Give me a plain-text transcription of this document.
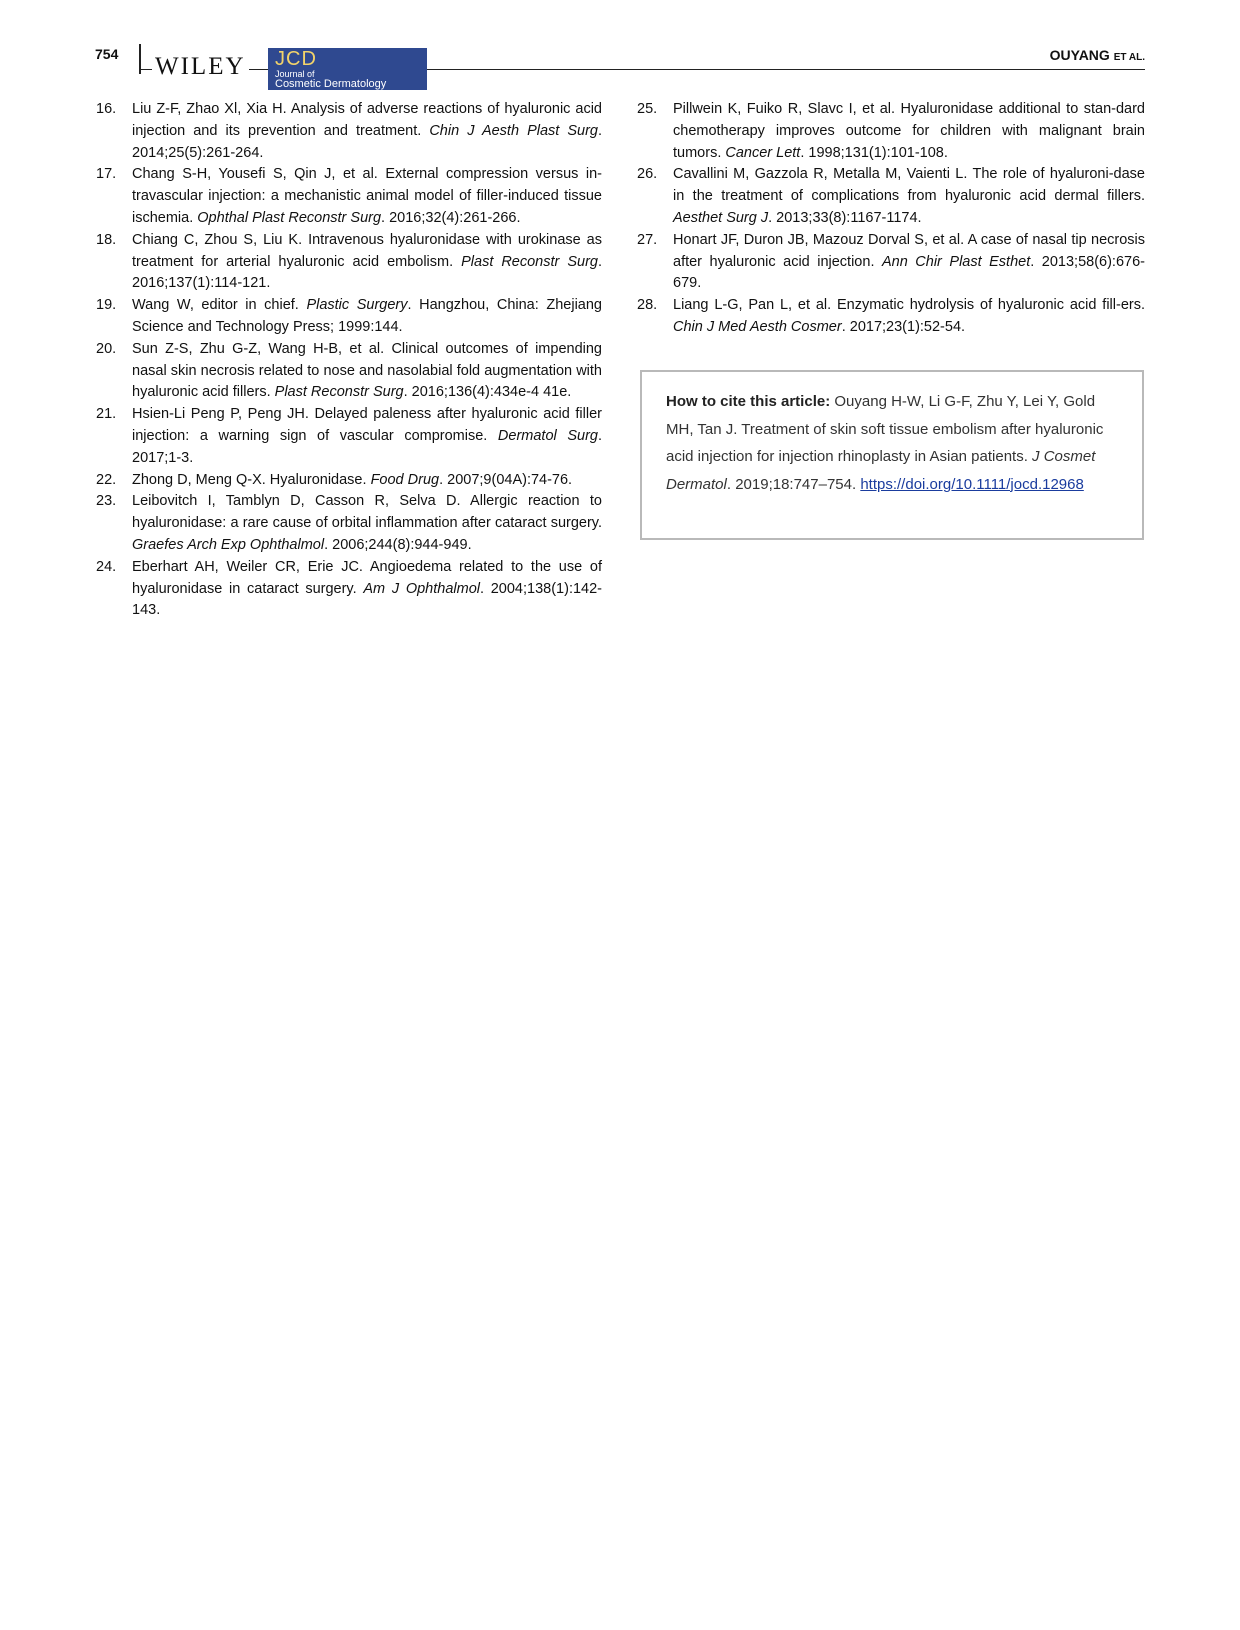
754 WILEY JCD
Journal of
Cosmetic Dermatology
OUYANG ET AL.
16. Liu Z-F, Zhao Xl, Xia H. Analysis of adverse reactions of hyaluronic acid injection and its prevention and treatment. Chin J Aesth Plast Surg. 2014;25(5):261-264.
17. Chang S-H, Yousefi S, Qin J, et al. External compression versus in-travascular injection: a mechanistic animal model of filler-induced tissue ischemia. Ophthal Plast Reconstr Surg. 2016;32(4):261-266.
18. Chiang C, Zhou S, Liu K. Intravenous hyaluronidase with urokinase as treatment for arterial hyaluronic acid embolism. Plast Reconstr Surg. 2016;137(1):114-121.
19. Wang W, editor in chief. Plastic Surgery. Hangzhou, China: Zhejiang Science and Technology Press; 1999:144.
20. Sun Z-S, Zhu G-Z, Wang H-B, et al. Clinical outcomes of impending nasal skin necrosis related to nose and nasolabial fold augmentation with hyaluronic acid fillers. Plast Reconstr Surg. 2016;136(4):434e-4 41e.
21. Hsien-Li Peng P, Peng JH. Delayed paleness after hyaluronic acid filler injection: a warning sign of vascular compromise. Dermatol Surg. 2017;1-3.
22. Zhong D, Meng Q-X. Hyaluronidase. Food Drug. 2007;9(04A):74-76.
23. Leibovitch I, Tamblyn D, Casson R, Selva D. Allergic reaction to hyaluronidase: a rare cause of orbital inflammation after cataract surgery. Graefes Arch Exp Ophthalmol. 2006;244(8):944-949.
24. Eberhart AH, Weiler CR, Erie JC. Angioedema related to the use of hyaluronidase in cataract surgery. Am J Ophthalmol. 2004;138(1):142-143.
25. Pillwein K, Fuiko R, Slavc I, et al. Hyaluronidase additional to stan-dard chemotherapy improves outcome for children with malignant brain tumors. Cancer Lett. 1998;131(1):101-108.
26. Cavallini M, Gazzola R, Metalla M, Vaienti L. The role of hyaluroni-dase in the treatment of complications from hyaluronic acid dermal fillers. Aesthet Surg J. 2013;33(8):1167-1174.
27. Honart JF, Duron JB, Mazouz Dorval S, et al. A case of nasal tip necrosis after hyaluronic acid injection. Ann Chir Plast Esthet. 2013;58(6):676-679.
28. Liang L-G, Pan L, et al. Enzymatic hydrolysis of hyaluronic acid fill-ers. Chin J Med Aesth Cosmer. 2017;23(1):52-54.
How to cite this article: Ouyang H-W, Li G-F, Zhu Y, Lei Y, Gold MH, Tan J. Treatment of skin soft tissue embolism after hyaluronic acid injection for injection rhinoplasty in Asian patients. J Cosmet Dermatol. 2019;18:747–754. https://doi.org/10.1111/jocd.12968
